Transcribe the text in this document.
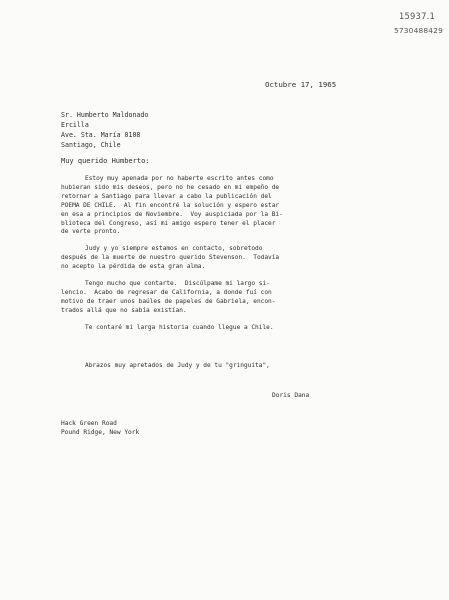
15937.1
5730488429
Octubre 17, 1965
Sr. Humberto Maldonado
Ercilla
Ave. Sta. María 0108
Santiago, Chile
Muy querido Humberto:
Estoy muy apenada por no haberte escrito antes como
hubieran sido mis deseos, pero no he cesado en mi empeño de
retornar a Santiago para llevar a cabo la publicación del
POEMA DE CHILE.  Al fin encontré la solución y espero estar
en esa a principios de Noviembre.  Voy auspiciada por la Bi-
blioteca del Congreso, así mi amigo espero tener el placer
de verte pronto.
Judy y yo siempre estamos en contacto, sobretodo
después de la muerte de nuestro querido Stevenson.  Todavía
no acepto la pérdida de esta gran alma.
Tengo mucho que contarte.  Discúlpame mi largo si-
lencio.  Acabo de regresar de California, a donde fuí con
motivo de traer unos baúles de papeles de Gabriela, encon-
trados allá que no sabía existían.
Te contaré mi larga historia cuando llegue a Chile.
Abrazos muy apretados de Judy y de tu "gringuita",
Doris Dana
Hack Green Road
Pound Ridge, New York
